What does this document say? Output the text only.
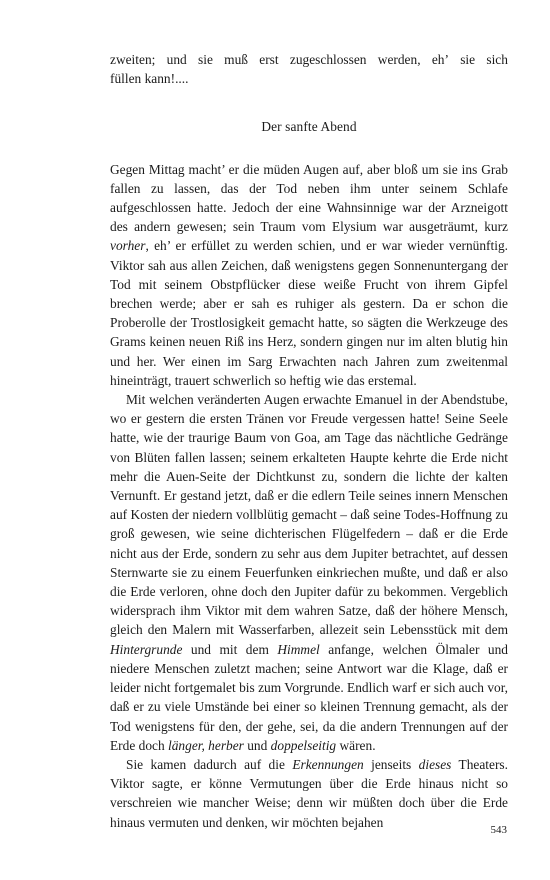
zweiten; und sie muß erst zugeschlossen werden, eh’ sie sich
füllen kann!....

Der sanfte Abend

Gegen Mittag macht’ er die müden Augen auf, aber bloß um sie ins Grab fallen zu lassen, das der Tod neben ihm unter seinem Schlafe aufgeschlossen hatte. Jedoch der eine Wahnsinnige war der Arzneigott des andern gewesen; sein Traum vom Elysium war ausgeträumt, kurz vorher, eh’ er erfüllet zu werden schien, und er war wieder vernünftig. Viktor sah aus allen Zeichen, daß wenigstens gegen Sonnenuntergang der Tod mit seinem Obstpflücker diese weiße Frucht von ihrem Gipfel brechen werde; aber er sah es ruhiger als gestern. Da er schon die Proberolle der Trostlosigkeit gemacht hatte, so sägten die Werkzeuge des Grams keinen neuen Riß ins Herz, sondern gingen nur im alten blutig hin und her. Wer einen im Sarg Erwachten nach Jahren zum zweitenmal hineinträgt, trauert schwerlich so heftig wie das erstemal.

Mit welchen veränderten Augen erwachte Emanuel in der Abendstube, wo er gestern die ersten Tränen vor Freude vergessen hatte! Seine Seele hatte, wie der traurige Baum von Goa, am Tage das nächtliche Gedränge von Blüten fallen lassen; seinem erkalteten Haupte kehrte die Erde nicht mehr die Auen-Seite der Dichtkunst zu, sondern die lichte der kalten Vernunft. Er gestand jetzt, daß er die edlern Teile seines innern Menschen auf Kosten der niedern vollblütig gemacht – daß seine Todes-Hoffnung zu groß gewesen, wie seine dichterischen Flügelfedern – daß er die Erde nicht aus der Erde, sondern zu sehr aus dem Jupiter betrachtet, auf dessen Sternwarte sie zu einem Feuerfunken einkriechen mußte, und daß er also die Erde verloren, ohne doch den Jupiter dafür zu bekommen. Vergeblich widersprach ihm Viktor mit dem wahren Satze, daß der höhere Mensch, gleich den Malern mit Wasserfarben, allezeit sein Lebensstück mit dem Hintergrunde und mit dem Himmel anfange, welchen Ölmaler und niedere Menschen zuletzt machen; seine Antwort war die Klage, daß er leider nicht fortgemalet bis zum Vorgrunde. Endlich warf er sich auch vor, daß er zu viele Umstände bei einer so kleinen Trennung gemacht, als der Tod wenigstens für den, der gehe, sei, da die andern Trennungen auf der Erde doch länger, herber und doppelseitig wären.

Sie kamen dadurch auf die Erkennungen jenseits dieses Theaters. Viktor sagte, er könne Vermutungen über die Erde hinaus nicht so verschreien wie mancher Weise; denn wir müßten doch über die Erde hinaus vermuten und denken, wir möchten bejahen

543
